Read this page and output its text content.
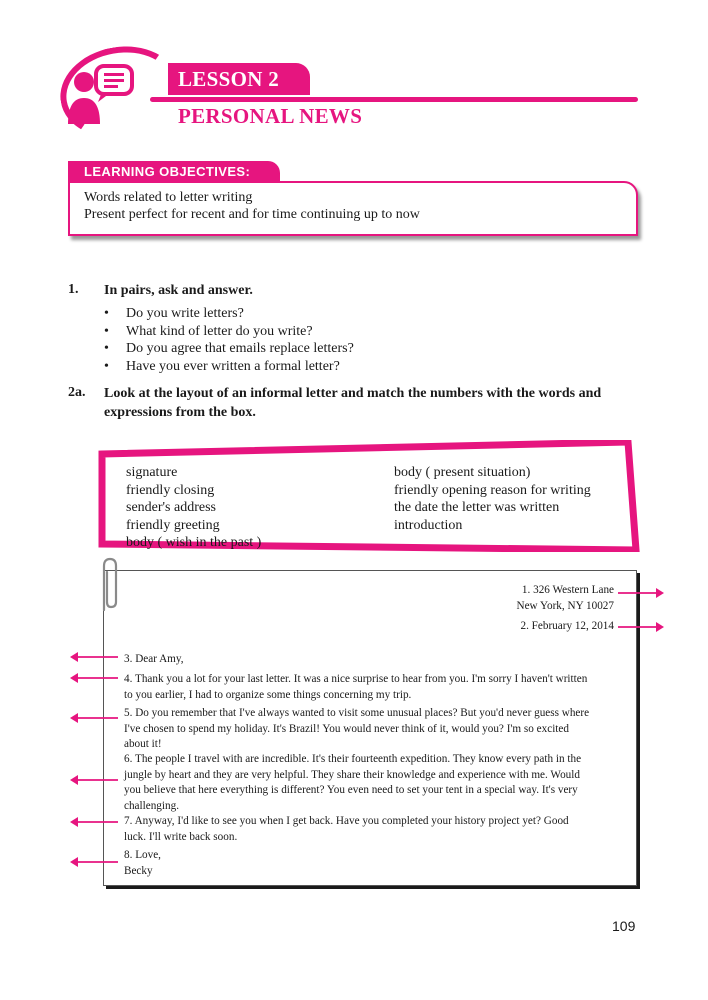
LESSON 2
PERSONAL NEWS
LEARNING OBJECTIVES:
Words related to letter writing
Present perfect for recent and for time continuing up to now
1. In pairs, ask and answer.
• Do you write letters?
• What kind of letter do you write?
• Do you agree that emails replace letters?
• Have you ever written a formal letter?
2a. Look at the layout of an informal letter and match the numbers with the words and expressions from the box.
signature
friendly closing
sender's address
friendly greeting
body ( wish in the past )
body ( present situation)
friendly opening reason for writing
the date the letter was written
introduction
1. 326 Western Lane
New York, NY 10027
2. February 12, 2014
3. Dear Amy,
4. Thank you a lot for your last letter. It was a nice surprise to hear from you. I'm sorry I haven't written
to you earlier, I had to organize some things concerning my trip.
5. Do you remember that I've always wanted to visit some unusual places? But you'd never guess where
I've chosen to spend my holiday. It's Brazil! You would never think of it, would you? I'm so excited
about it!
6. The people I travel with are incredible. It's their fourteenth expedition. They know every path in the
jungle by heart and they are very helpful. They share their knowledge and experience with me. Would
you believe that here everything is different? You even need to set your tent in a special way. It's very
challenging.
7. Anyway, I'd like to see you when I get back. Have you completed your history project yet? Good
luck. I'll write back soon.
8. Love,
Becky
109
